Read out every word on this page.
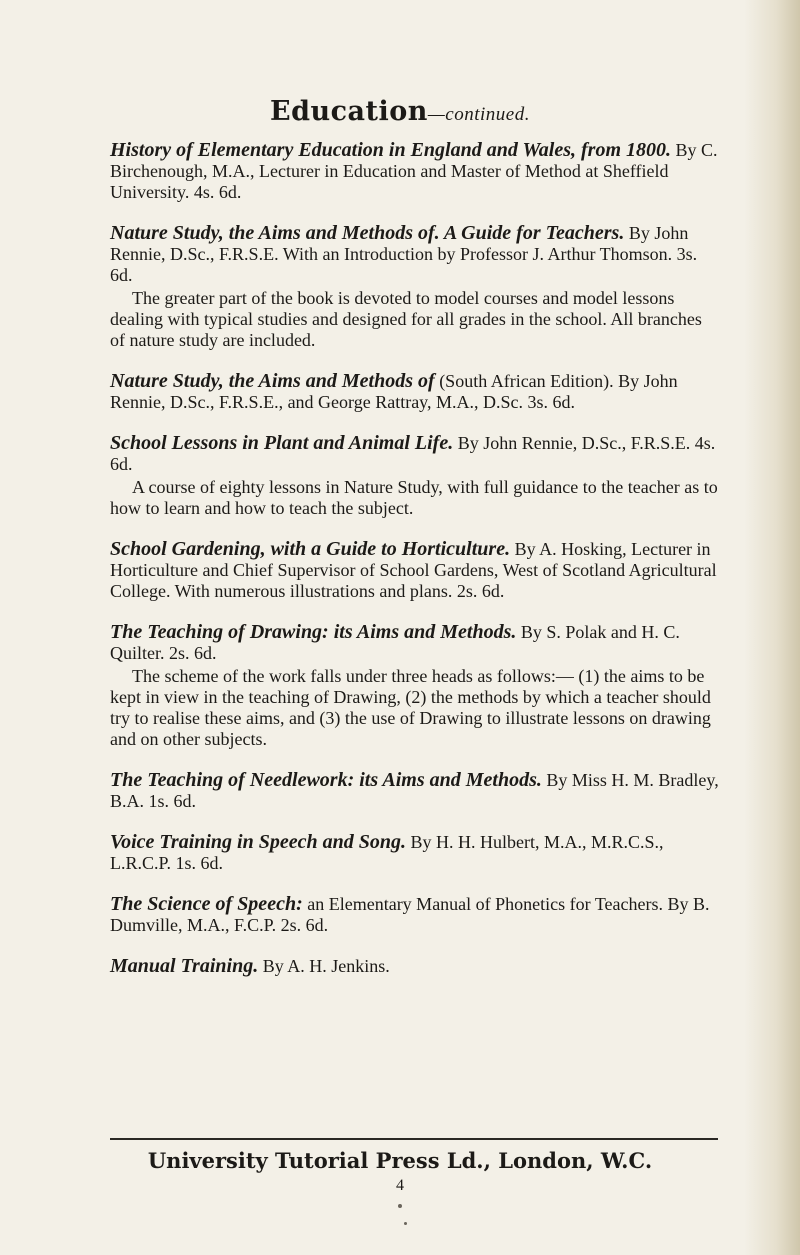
Education—continued.

History of Elementary Education in England and Wales, from 1800. By C. Birchenough, M.A., Lecturer in Education and Master of Method at Sheffield University. 4s. 6d.

Nature Study, the Aims and Methods of. A Guide for Teachers. By John Rennie, D.Sc., F.R.S.E. With an Introduction by Professor J. Arthur Thomson. 3s. 6d.

The greater part of the book is devoted to model courses and model lessons dealing with typical studies and designed for all grades in the school. All branches of nature study are included.

Nature Study, the Aims and Methods of (South African Edition). By John Rennie, D.Sc., F.R.S.E., and George Rattray, M.A., D.Sc. 3s. 6d.

School Lessons in Plant and Animal Life. By John Rennie, D.Sc., F.R.S.E. 4s. 6d.

A course of eighty lessons in Nature Study, with full guidance to the teacher as to how to learn and how to teach the subject.

School Gardening, with a Guide to Horticulture. By A. Hosking, Lecturer in Horticulture and Chief Supervisor of School Gardens, West of Scotland Agricultural College. With numerous illustrations and plans. 2s. 6d.

The Teaching of Drawing: its Aims and Methods. By S. Polak and H. C. Quilter. 2s. 6d.

The scheme of the work falls under three heads as follows:— (1) the aims to be kept in view in the teaching of Drawing, (2) the methods by which a teacher should try to realise these aims, and (3) the use of Drawing to illustrate lessons on drawing and on other subjects.

The Teaching of Needlework: its Aims and Methods. By Miss H. M. Bradley, B.A. 1s. 6d.

Voice Training in Speech and Song. By H. H. Hulbert, M.A., M.R.C.S., L.R.C.P. 1s. 6d.

The Science of Speech: an Elementary Manual of Phonetics for Teachers. By B. Dumville, M.A., F.C.P. 2s. 6d.

Manual Training. By A. H. Jenkins.

University Tutorial Press Ld., London, W.C.
4
